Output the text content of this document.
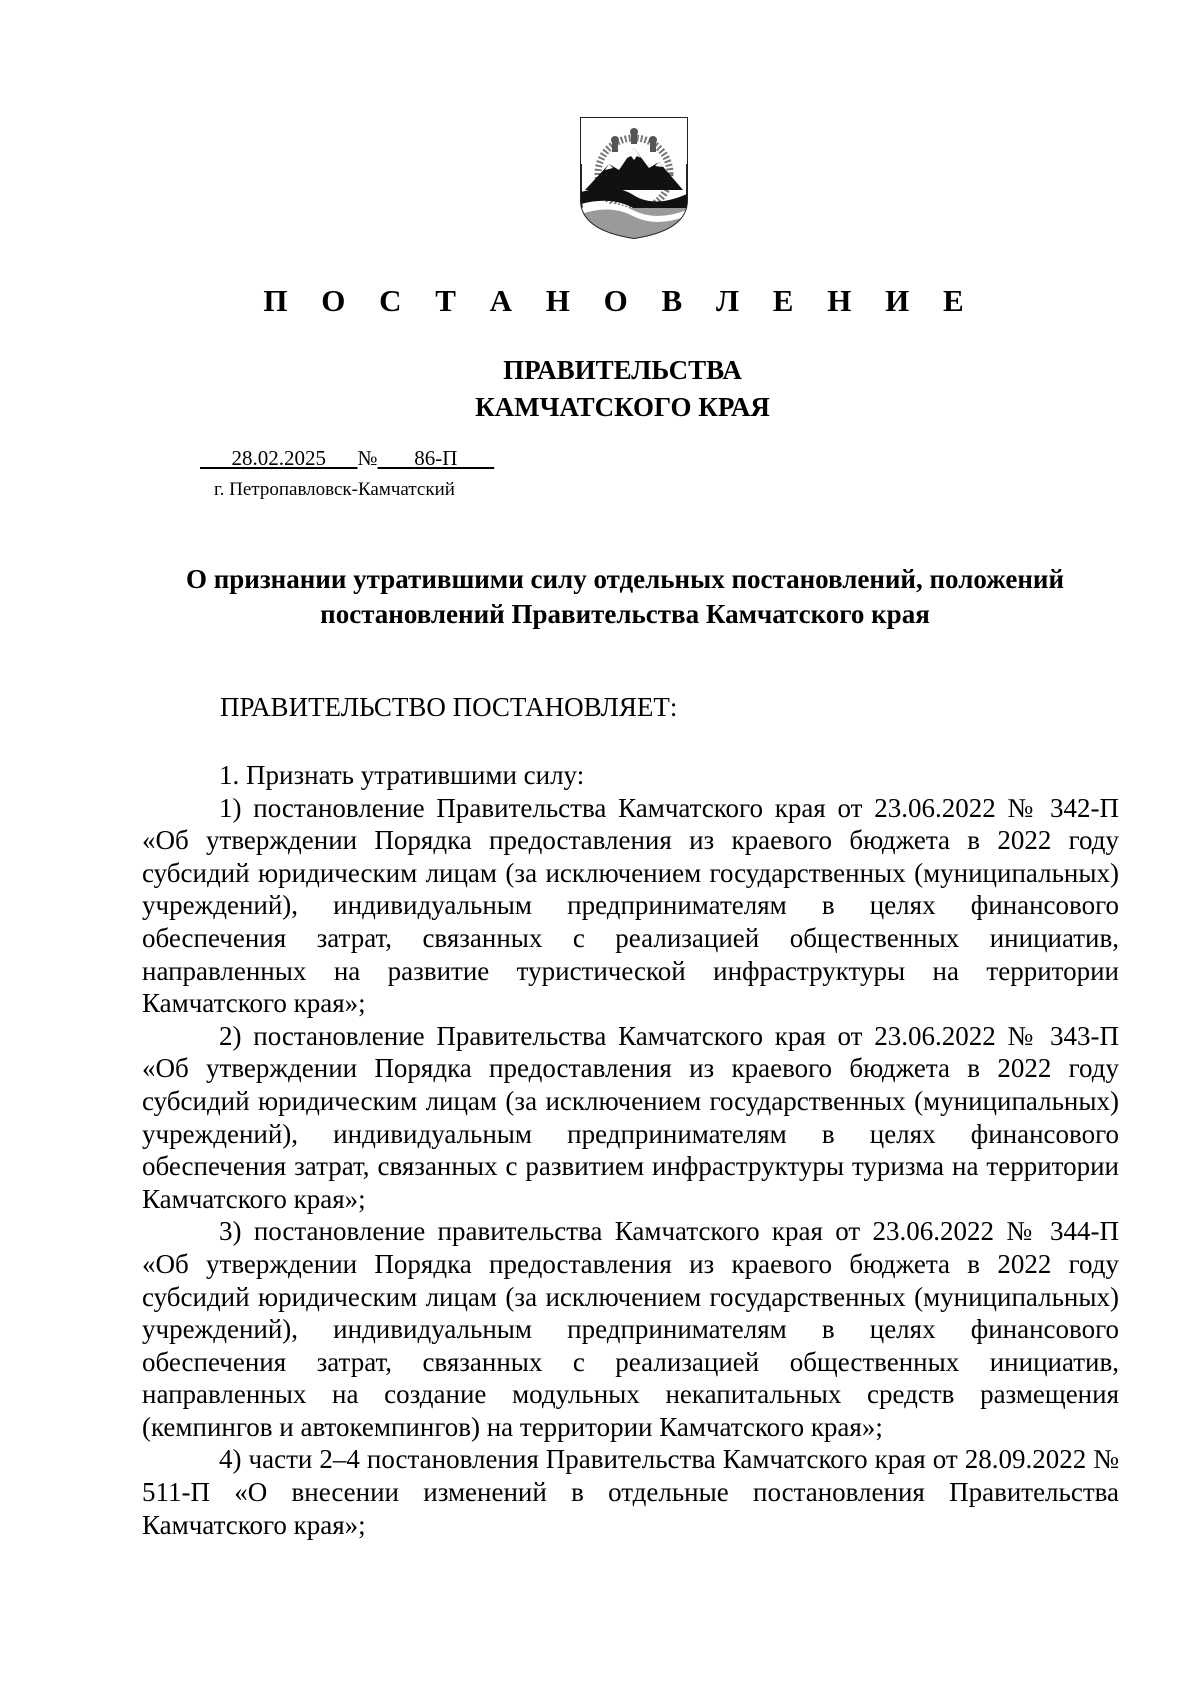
П О С Т А Н О В Л Е Н И Е
ПРАВИТЕЛЬСТВА
КАМЧАТСКОГО КРАЯ
28.02.2025 № 86-П
г. Петропавловск-Камчатский
О признании утратившими силу отдельных постановлений, положений
постановлений Правительства Камчатского края
ПРАВИТЕЛЬСТВО ПОСТАНОВЛЯЕТ:

1. Признать утратившими силу:

1) постановление Правительства Камчатского края от 23.06.2022 № 342-П «Об утверждении Порядка предоставления из краевого бюджета в 2022 году субсидий юридическим лицам (за исключением государственных (муниципальных) учреждений), индивидуальным предпринимателям в целях финансового обеспечения затрат, связанных с реализацией общественных инициатив, направленных на развитие туристической инфраструктуры на территории Камчатского края»;

2) постановление Правительства Камчатского края от 23.06.2022 № 343-П «Об утверждении Порядка предоставления из краевого бюджета в 2022 году субсидий юридическим лицам (за исключением государственных (муниципальных) учреждений), индивидуальным предпринимателям в целях финансового обеспечения затрат, связанных с развитием инфраструктуры туризма на территории Камчатского края»;

3) постановление правительства Камчатского края от 23.06.2022 № 344-П «Об утверждении Порядка предоставления из краевого бюджета в 2022 году субсидий юридическим лицам (за исключением государственных (муниципальных) учреждений), индивидуальным предпринимателям в целях финансового обеспечения затрат, связанных с реализацией общественных инициатив, направленных на создание модульных некапитальных средств размещения (кемпингов и автокемпингов) на территории Камчатского края»;

4) части 2–4 постановления Правительства Камчатского края от 28.09.2022 № 511-П «О внесении изменений в отдельные постановления Правительства Камчатского края»;
